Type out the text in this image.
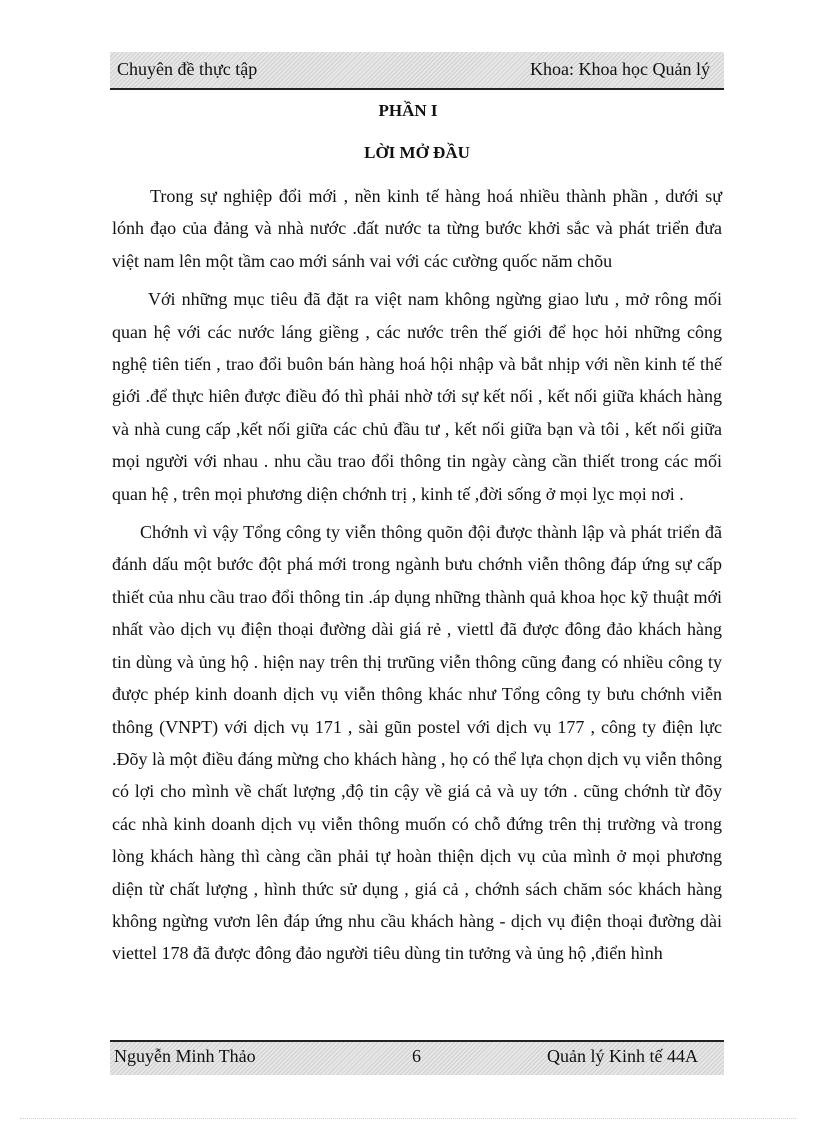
Chuyên đề thực tập	Khoa: Khoa học Quản lý
PHẦN I
LỜI MỞ ĐẦU

Trong sự nghiệp đổi mới , nền kinh tế hàng hoá nhiều thành phần , dưới sự lónh đạo của đảng và nhà nước .đất nước ta từng bước khởi sắc và phát triển đưa việt nam lên một tầm cao mới sánh vai với các cường quốc năm chõu

Với những mục tiêu đã đặt ra việt nam không ngừng giao lưu , mở rông mối quan hệ với các nước láng giềng , các nước trên thế giới để học hỏi những công nghệ tiên tiến , trao đổi buôn bán hàng hoá hội nhập và bắt nhịp với nền kinh tế thế giới .để thực hiên được điều đó thì phải nhờ tới sự kết nối , kết nối giữa khách hàng và nhà cung cấp ,kết nối giữa các chủ đầu tư , kết nối giữa bạn và tôi , kết nối giữa mọi người với nhau . nhu cầu trao đổi thông tin ngày càng cần thiết trong các mối quan hệ , trên mọi phương diện chớnh trị , kinh tế ,đời sống ở mọi lỵc mọi nơi .

Chớnh vì vậy Tổng công ty viễn thông quõn đội được thành lập và phát triển đã đánh dấu một bước đột phá mới trong ngành bưu chớnh viễn thông đáp ứng sự cấp thiết của nhu cầu trao đổi thông tin .áp dụng những thành quả khoa học kỹ thuật mới nhất vào dịch vụ điện thoại đường dài giá rẻ , viettl đã được đông đảo khách hàng tin dùng và ủng hộ . hiện nay trên thị trưũng viễn thông cũng đang có nhiều công ty được phép kinh doanh dịch vụ viễn thông khác như Tổng công ty bưu chớnh viễn thông (VNPT) với dịch vụ 171 , sài gũn postel với dịch vụ 177 , công ty điện lực .Đõy là một điều đáng mừng cho khách hàng , họ có thể lựa chọn dịch vụ viễn thông có lợi cho mình về chất lượng ,độ tin cậy về giá cả và uy tớn . cũng chớnh từ đõy các nhà kinh doanh dịch vụ viễn thông muốn có chỗ đứng trên thị trường và trong lòng khách hàng thì càng cần phải tự hoàn thiện dịch vụ của mình ở mọi phương diện từ chất lượng , hình thức sử dụng , giá cả , chớnh sách chăm sóc khách hàng không ngừng vươn lên đáp ứng nhu cầu khách hàng - dịch vụ điện thoại đường dài viettel 178 đã được đông đảo người tiêu dùng tin tưởng và ủng hộ ,điển hình

Nguyễn Minh Thảo	6	Quản lý Kinh tế 44A
